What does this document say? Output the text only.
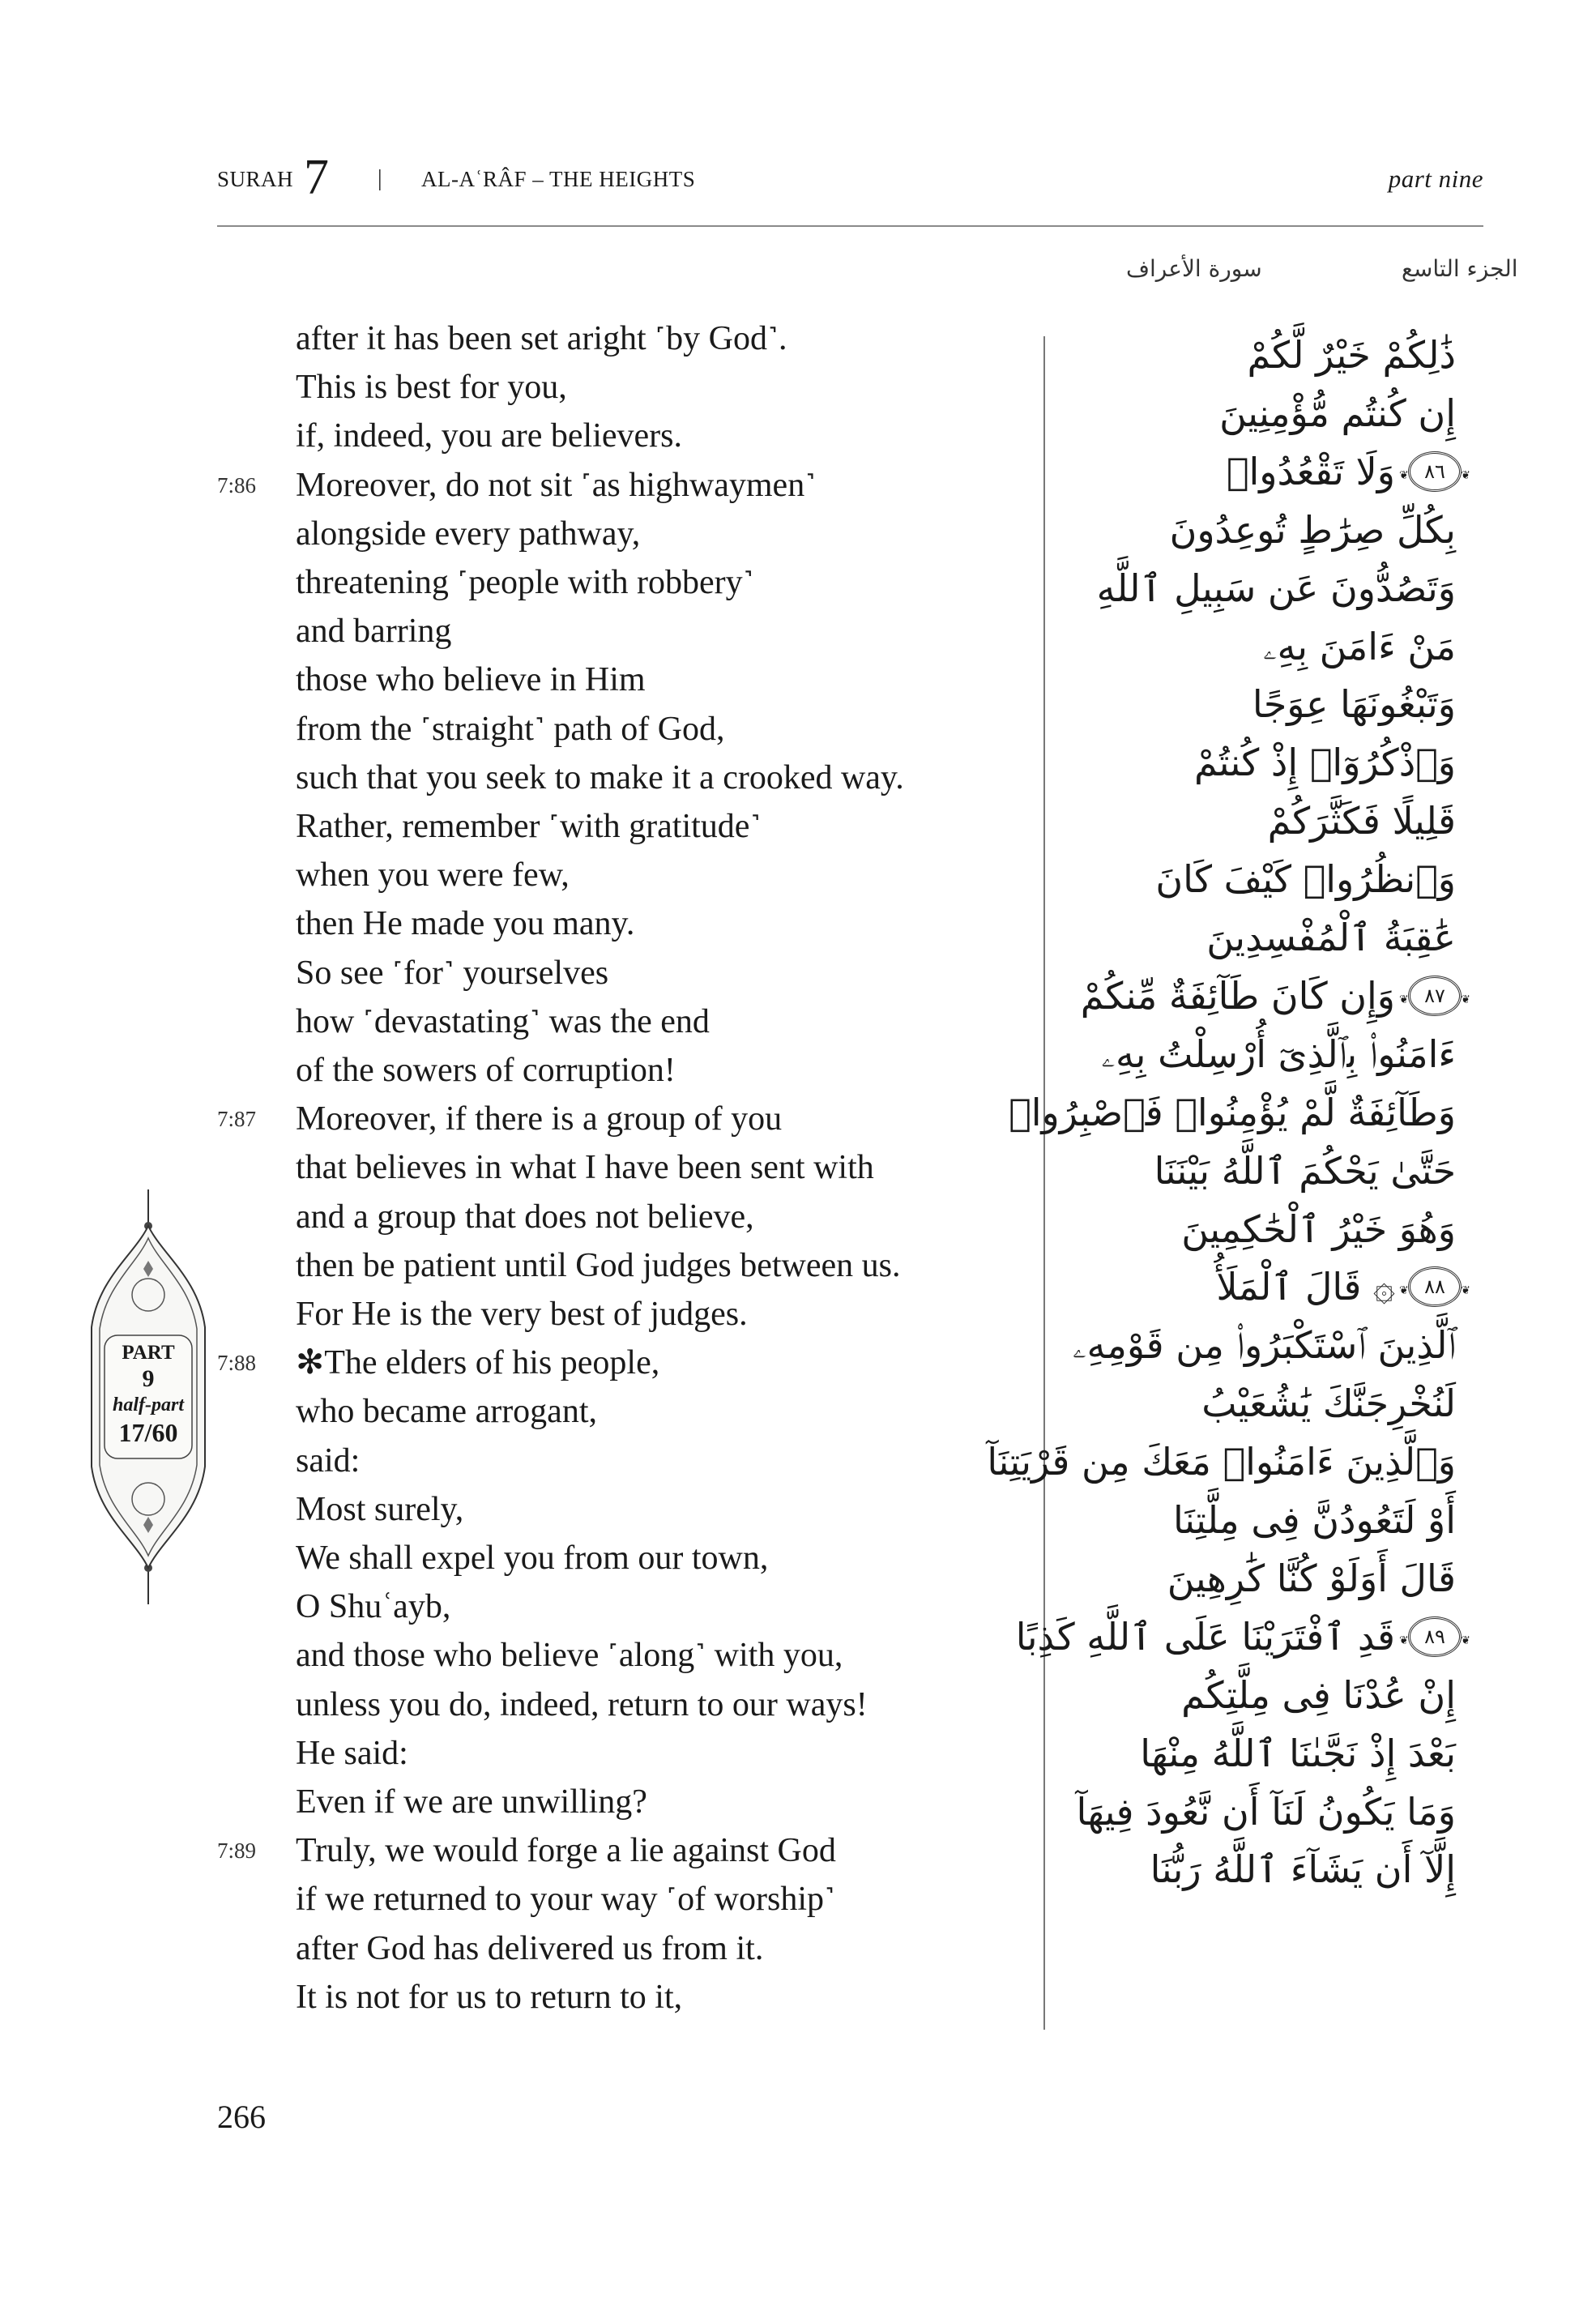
SURAH 7 | AL-AʿRÂF – THE HEIGHTS	part nine
الجزء التاسع
سورة الأعراف
after it has been set aright ˹by God˺.
This is best for you,
if, indeed, you are believers.
7:86 Moreover, do not sit ˹as highwaymen˺
alongside every pathway,
threatening ˹people with robbery˺
and barring
those who believe in Him
from the ˹straight˺ path of God,
such that you seek to make it a crooked way.
Rather, remember ˹with gratitude˺
when you were few,
then He made you many.
So see ˹for˺ yourselves
how ˹devastating˺ was the end
of the sowers of corruption!
7:87 Moreover, if there is a group of you
that believes in what I have been sent with
and a group that does not believe,
then be patient until God judges between us.
For He is the very best of judges.
7:88 ✻The elders of his people,
who became arrogant,
said:
Most surely,
We shall expel you from our town,
O Shuʿayb,
and those who believe ˹along˺ with you,
unless you do, indeed, return to our ways!
He said:
Even if we are unwilling?
7:89 Truly, we would forge a lie against God
if we returned to your way ˹of worship˺
after God has delivered us from it.
It is not for us to return to it,
ذَٰلِكُمْ خَيْرٌ لَّكُمْ
إِن كُنتُم مُّؤْمِنِينَ
وَلَا تَقْعُدُوا۟	❦ ٨٦ ❦
بِكُلِّ صِرَٰطٍ تُوعِدُونَ
وَتَصُدُّونَ عَن سَبِيلِ ٱللَّهِ
مَنْ ءَامَنَ بِهِۦ
وَتَبْغُونَهَا عِوَجًا
وَٱذْكُرُوٓا۟ إِذْ كُنتُمْ
قَلِيلًا فَكَثَّرَكُمْ
وَٱنظُرُوا۟ كَيْفَ كَانَ
عَٰقِبَةُ ٱلْمُفْسِدِينَ
وَإِن كَانَ طَآئِفَةٌ مِّنكُمْ	❦ ٨٧ ❦
ءَامَنُوا۟ بِٱلَّذِىٓ أُرْسِلْتُ بِهِۦ
وَطَآئِفَةٌ لَّمْ يُؤْمِنُوا۟ فَٱصْبِرُوا۟
حَتَّىٰ يَحْكُمَ ٱللَّهُ بَيْنَنَا
وَهُوَ خَيْرُ ٱلْحَٰكِمِينَ
۞ قَالَ ٱلْمَلَأُ	❦ ٨٨ ❦
ٱلَّذِينَ ٱسْتَكْبَرُوا۟ مِن قَوْمِهِۦ
لَنُخْرِجَنَّكَ يَٰشُعَيْبُ
وَٱلَّذِينَ ءَامَنُوا۟ مَعَكَ مِن قَرْيَتِنَآ
أَوْ لَتَعُودُنَّ فِى مِلَّتِنَا
قَالَ أَوَلَوْ كُنَّا كَٰرِهِينَ
قَدِ ٱفْتَرَيْنَا عَلَى ٱللَّهِ كَذِبًا	❦ ٨٩ ❦
إِنْ عُدْنَا فِى مِلَّتِكُم
بَعْدَ إِذْ نَجَّىٰنَا ٱللَّهُ مِنْهَا
وَمَا يَكُونُ لَنَآ أَن نَّعُودَ فِيهَآ
إِلَّآ أَن يَشَآءَ ٱللَّهُ رَبُّنَا
PART
9
half-part
17/60
266
